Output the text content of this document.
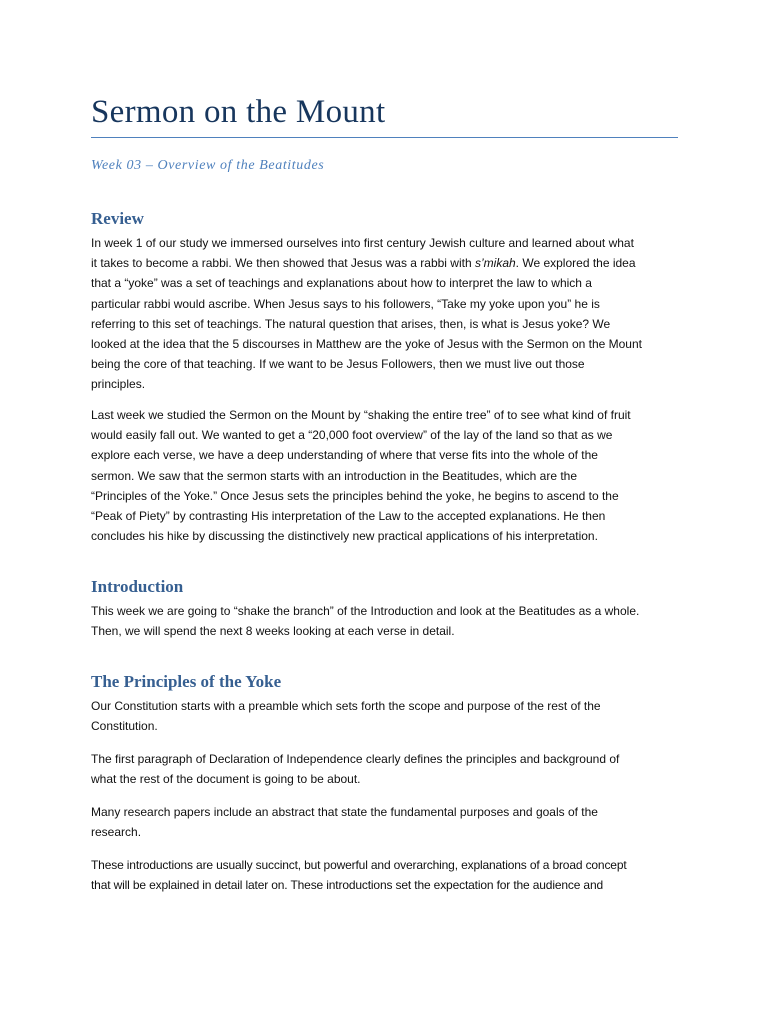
Sermon on the Mount
Week 03 – Overview of the Beatitudes
Review
In week 1 of our study we immersed ourselves into first century Jewish culture and learned about what
it takes to become a rabbi. We then showed that Jesus was a rabbi with s’mikah. We explored the idea
that a “yoke” was a set of teachings and explanations about how to interpret the law to which a
particular rabbi would ascribe. When Jesus says to his followers, “Take my yoke upon you” he is
referring to this set of teachings. The natural question that arises, then, is what is Jesus yoke? We
looked at the idea that the 5 discourses in Matthew are the yoke of Jesus with the Sermon on the Mount
being the core of that teaching. If we want to be Jesus Followers, then we must live out those
principles.
Last week we studied the Sermon on the Mount by “shaking the entire tree” of to see what kind of fruit
would easily fall out. We wanted to get a “20,000 foot overview” of the lay of the land so that as we
explore each verse, we have a deep understanding of where that verse fits into the whole of the
sermon. We saw that the sermon starts with an introduction in the Beatitudes, which are the
“Principles of the Yoke.” Once Jesus sets the principles behind the yoke, he begins to ascend to the
“Peak of Piety” by contrasting His interpretation of the Law to the accepted explanations. He then
concludes his hike by discussing the distinctively new practical applications of his interpretation.
Introduction
This week we are going to “shake the branch” of the Introduction and look at the Beatitudes as a whole.
Then, we will spend the next 8 weeks looking at each verse in detail.
The Principles of the Yoke
Our Constitution starts with a preamble which sets forth the scope and purpose of the rest of the
Constitution.
The first paragraph of Declaration of Independence clearly defines the principles and background of
what the rest of the document is going to be about.
Many research papers include an abstract that state the fundamental purposes and goals of the
research.
These introductions are usually succinct, but powerful and overarching, explanations of a broad concept
that will be explained in detail later on. These introductions set the expectation for the audience and
